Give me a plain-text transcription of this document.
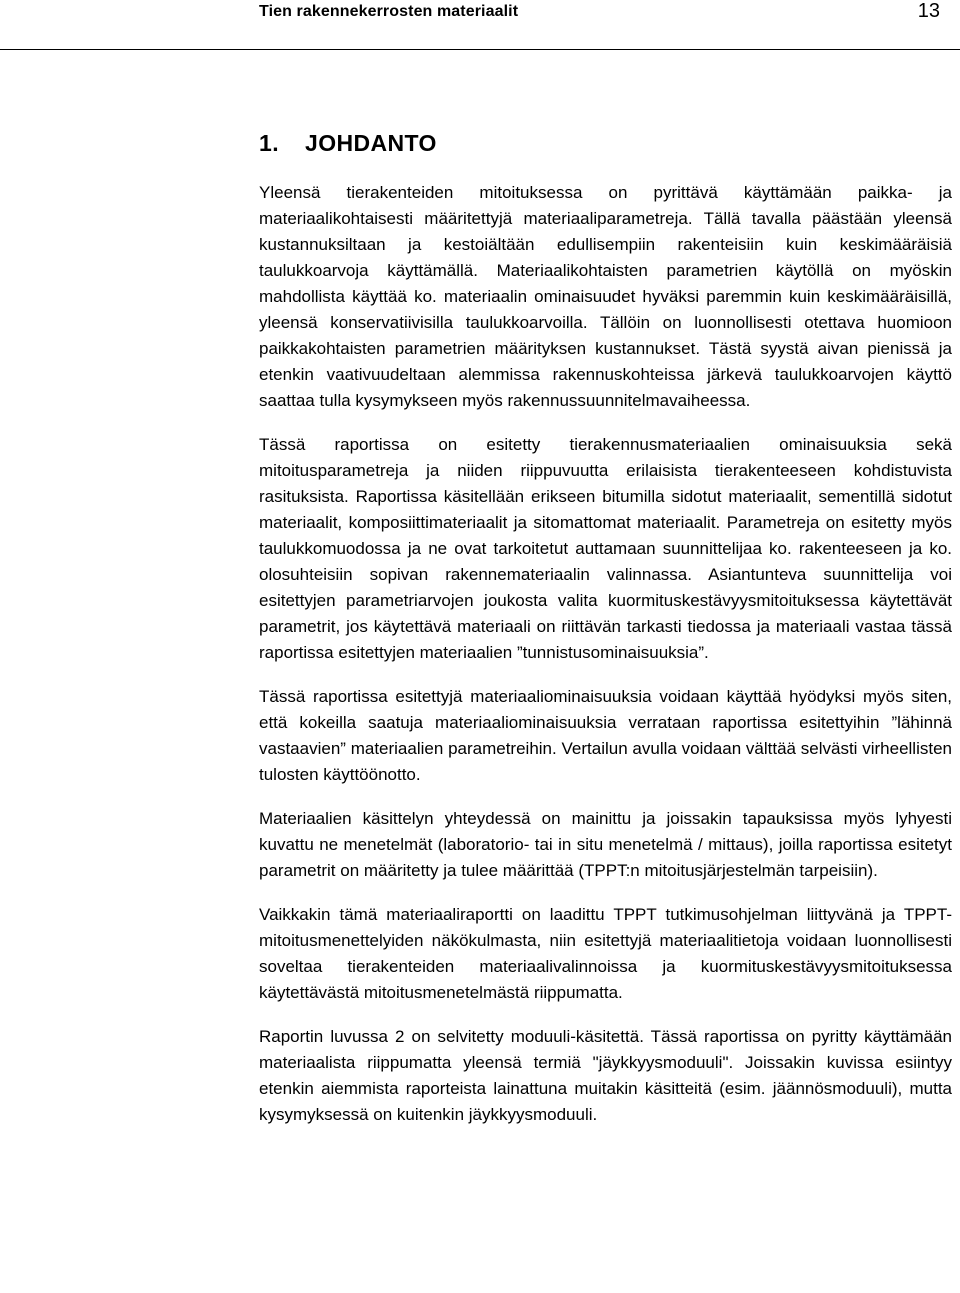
Tien rakennekerrosten materiaalit	13
1. JOHDANTO

Yleensä tierakenteiden mitoituksessa on pyrittävä käyttämään paikka- ja materiaalikohtaisesti määritettyjä materiaaliparametreja. Tällä tavalla päästään yleensä kustannuksiltaan ja kestoiältään edullisempiin rakenteisiin kuin keskimääräisiä taulukkoarvoja käyttämällä. Materiaalikohtaisten parametrien käytöllä on myöskin mahdollista käyttää ko. materiaalin ominaisuudet hyväksi paremmin kuin keskimääräisillä, yleensä konservatiivisilla taulukkoarvoilla. Tällöin on luonnollisesti otettava huomioon paikkakohtaisten parametrien määrityksen kustannukset. Tästä syystä aivan pienissä ja etenkin vaativuudeltaan alemmissa rakennuskohteissa järkevä taulukkoarvojen käyttö saattaa tulla kysymykseen myös rakennussuunnitelmavaiheessa.

Tässä raportissa on esitetty tierakennusmateriaalien ominaisuuksia sekä mitoitusparametreja ja niiden riippuvuutta erilaisista tierakenteeseen kohdistuvista rasituksista. Raportissa käsitellään erikseen bitumilla sidotut materiaalit, sementillä sidotut materiaalit, komposiittimateriaalit ja sitomattomat materiaalit. Parametreja on esitetty myös taulukkomuodossa ja ne ovat tarkoitetut auttamaan suunnittelijaa ko. rakenteeseen ja ko. olosuhteisiin sopivan rakennemateriaalin valinnassa. Asiantunteva suunnittelija voi esitettyjen parametriarvojen joukosta valita kuormituskestävyysmitoituksessa käytettävät parametrit, jos käytettävä materiaali on riittävän tarkasti tiedossa ja materiaali vastaa tässä raportissa esitettyjen materiaalien ”tunnistusominaisuuksia”.

Tässä raportissa esitettyjä materiaaliominaisuuksia voidaan käyttää hyödyksi myös siten, että kokeilla saatuja materiaaliominaisuuksia verrataan raportissa esitettyihin ”lähinnä vastaavien” materiaalien parametreihin. Vertailun avulla voidaan välttää selvästi virheellisten tulosten käyttöönotto.

Materiaalien käsittelyn yhteydessä on mainittu ja joissakin tapauksissa myös lyhyesti kuvattu ne menetelmät (laboratorio- tai in situ menetelmä / mittaus), joilla raportissa esitetyt parametrit on määritetty ja tulee määrittää (TPPT:n mitoitusjärjestelmän tarpeisiin).

Vaikkakin tämä materiaaliraportti on laadittu TPPT tutkimusohjelman liittyvänä ja TPPT-mitoitusmenettelyiden näkökulmasta, niin esitettyjä materiaalitietoja voidaan luonnollisesti soveltaa tierakenteiden materiaalivalinnoissa ja kuormituskestävyysmitoituksessa käytettävästä mitoitusmenetelmästä riippumatta.

Raportin luvussa 2 on selvitetty moduuli-käsitettä. Tässä raportissa on pyritty käyttämään materiaalista riippumatta yleensä termiä "jäykkyysmoduuli". Joissakin kuvissa esiintyy etenkin aiemmista raporteista lainattuna muitakin käsitteitä (esim. jäännösmoduuli), mutta kysymyksessä on kuitenkin jäykkyysmoduuli.
